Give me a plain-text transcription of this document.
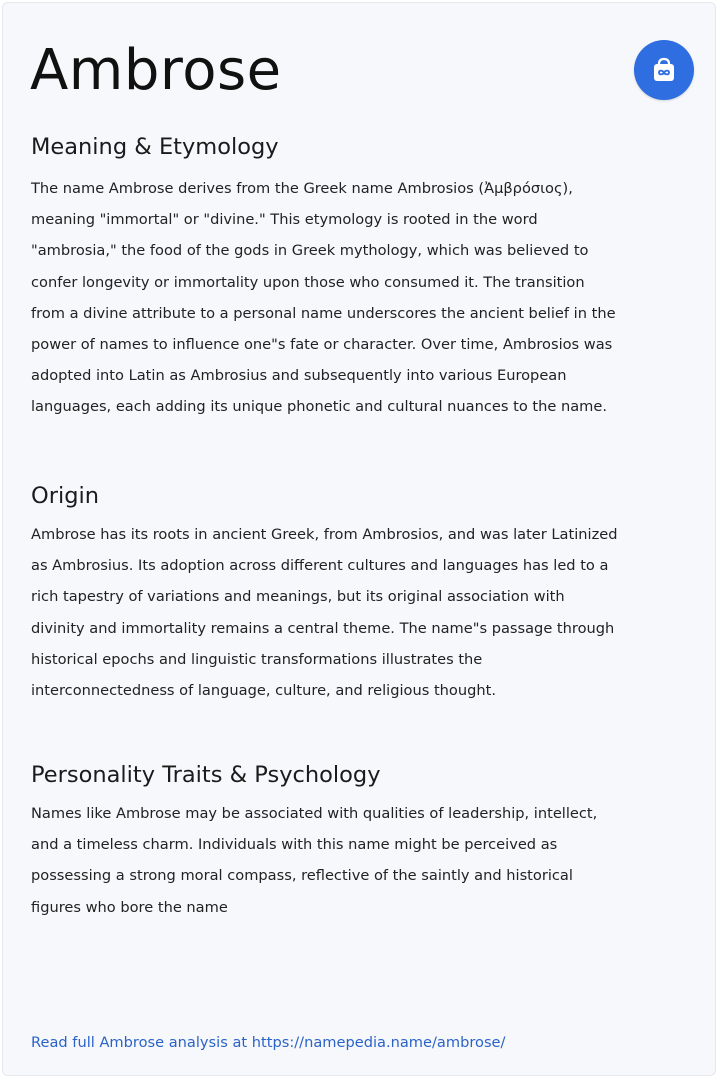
Ambrose
Meaning & Etymology

The name Ambrose derives from the Greek name Ambrosios (Ἀμβρόσιος), meaning "immortal" or "divine." This etymology is rooted in the word "ambrosia," the food of the gods in Greek mythology, which was believed to confer longevity or immortality upon those who consumed it. The transition from a divine attribute to a personal name underscores the ancient belief in the power of names to influence one"s fate or character. Over time, Ambrosios was adopted into Latin as Ambrosius and subsequently into various European languages, each adding its unique phonetic and cultural nuances to the name.

Origin

Ambrose has its roots in ancient Greek, from Ambrosios, and was later Latinized as Ambrosius. Its adoption across different cultures and languages has led to a rich tapestry of variations and meanings, but its original association with divinity and immortality remains a central theme. The name"s passage through historical epochs and linguistic transformations illustrates the interconnectedness of language, culture, and religious thought.

Personality Traits & Psychology

Names like Ambrose may be associated with qualities of leadership, intellect, and a timeless charm. Individuals with this name might be perceived as possessing a strong moral compass, reflective of the saintly and historical figures who bore the name

Read full Ambrose analysis at https://namepedia.name/ambrose/
